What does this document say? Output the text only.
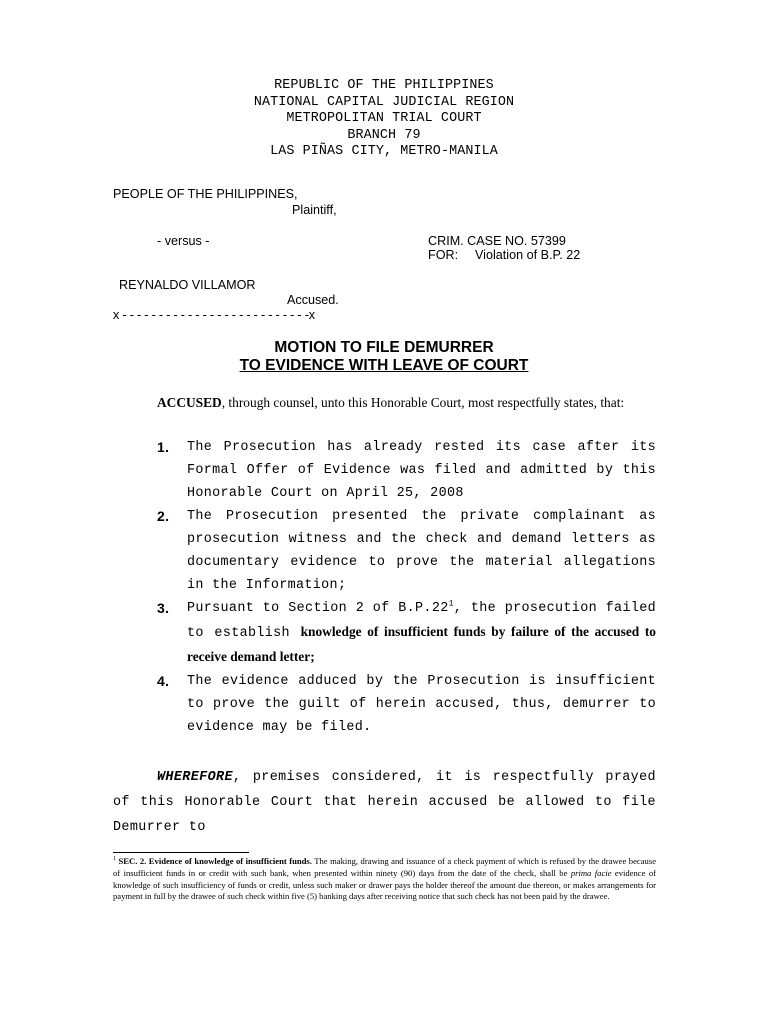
REPUBLIC OF THE PHILIPPINES
NATIONAL CAPITAL JUDICIAL REGION
METROPOLITAN TRIAL COURT
BRANCH 79
LAS PIÑAS CITY, METRO-MANILA
PEOPLE OF THE PHILIPPINES,
Plaintiff,
- versus -	CRIM. CASE NO. 57399
FOR: Violation of B.P. 22
REYNALDO VILLAMOR
Accused.
x - - - - - - - - - - - - - - - - - - - - - - - - - -x
MOTION TO FILE DEMURRER
TO EVIDENCE WITH LEAVE OF COURT
ACCUSED, through counsel, unto this Honorable Court, most respectfully states, that:
1. The Prosecution has already rested its case after its Formal Offer of Evidence was filed and admitted by this Honorable Court on April 25, 2008
2. The Prosecution presented the private complainant as prosecution witness and the check and demand letters as documentary evidence to prove the material allegations in the Information;
3. Pursuant to Section 2 of $B.P.22^1$, the prosecution failed to establish knowledge of insufficient funds by failure of the accused to receive demand letter;
4. The evidence adduced by the Prosecution is insufficient to prove the guilt of herein accused, thus, demurrer to evidence may be filed.
WHEREFORE, premises considered, it is respectfully prayed of this Honorable Court that herein accused be allowed to file Demurrer to
$^1$ SEC. 2. Evidence of knowledge of insufficient funds. The making, drawing and issuance of a check payment of which is refused by the drawee because of insufficient funds in or credit with such bank, when presented within ninety (90) days from the date of the check, shall be prima facie evidence of knowledge of such insufficiency of funds or credit, unless such maker or drawer pays the holder thereof the amount due thereon, or makes arrangements for payment in full by the drawee of such check within five (5) banking days after receiving notice that such check has not been paid by the drawee.
